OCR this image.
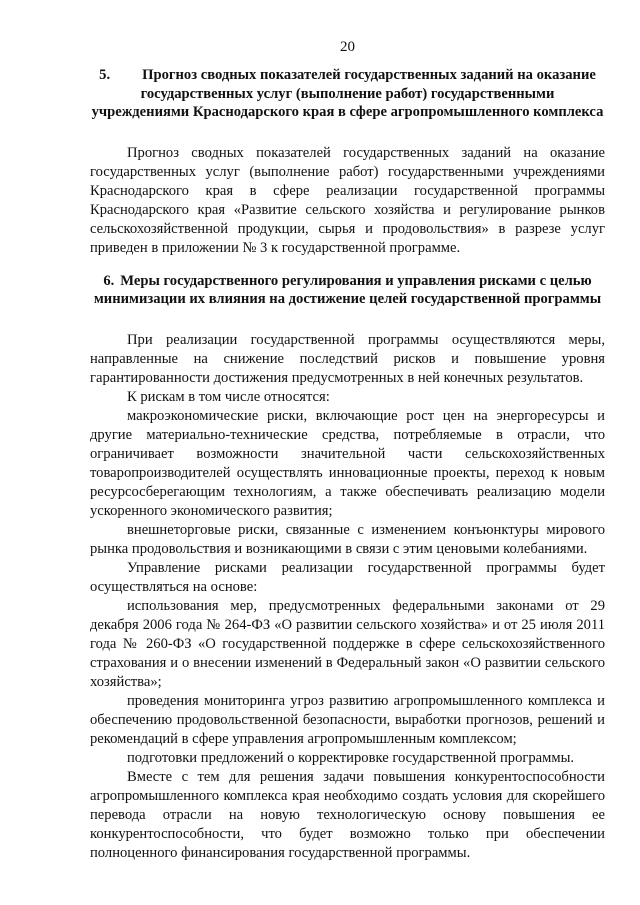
20

5. Прогноз сводных показателей государственных заданий на оказание государственных услуг (выполнение работ) государственными учреждениями Краснодарского края в сфере агропромышленного комплекса

Прогноз сводных показателей государственных заданий на оказание государственных услуг (выполнение работ) государственными учреждениями Краснодарского края в сфере реализации государственной программы Краснодарского края «Развитие сельского хозяйства и регулирование рынков сельскохозяйственной продукции, сырья и продовольствия» в разрезе услуг приведен в приложении № 3 к государственной программе.

6. Меры государственного регулирования и управления рисками с целью минимизации их влияния на достижение целей государственной программы

При реализации государственной программы осуществляются меры, направленные на снижение последствий рисков и повышение уровня гарантированности достижения предусмотренных в ней конечных результатов.

К рискам в том числе относятся:

макроэкономические риски, включающие рост цен на энергоресурсы и другие материально-технические средства, потребляемые в отрасли, что ограничивает возможности значительной части сельскохозяйственных товаропроизводителей осуществлять инновационные проекты, переход к новым ресурсосберегающим технологиям, а также обеспечивать реализацию модели ускоренного экономического развития;

внешнеторговые риски, связанные с изменением конъюнктуры мирового рынка продовольствия и возникающими в связи с этим ценовыми колебаниями.

Управление рисками реализации государственной программы будет осуществляться на основе:

использования мер, предусмотренных федеральными законами от 29 декабря 2006 года № 264-ФЗ «О развитии сельского хозяйства» и от 25 июля 2011 года № 260-ФЗ «О государственной поддержке в сфере сельскохозяйственного страхования и о внесении изменений в Федеральный закон «О развитии сельского хозяйства»;

проведения мониторинга угроз развитию агропромышленного комплекса и обеспечению продовольственной безопасности, выработки прогнозов, решений и рекомендаций в сфере управления агропромышленным комплексом;

подготовки предложений о корректировке государственной программы.

Вместе с тем для решения задачи повышения конкурентоспособности агропромышленного комплекса края необходимо создать условия для скорейшего перевода отрасли на новую технологическую основу повышения ее конкурентоспособности, что будет возможно только при обеспечении полноценного финансирования государственной программы.
